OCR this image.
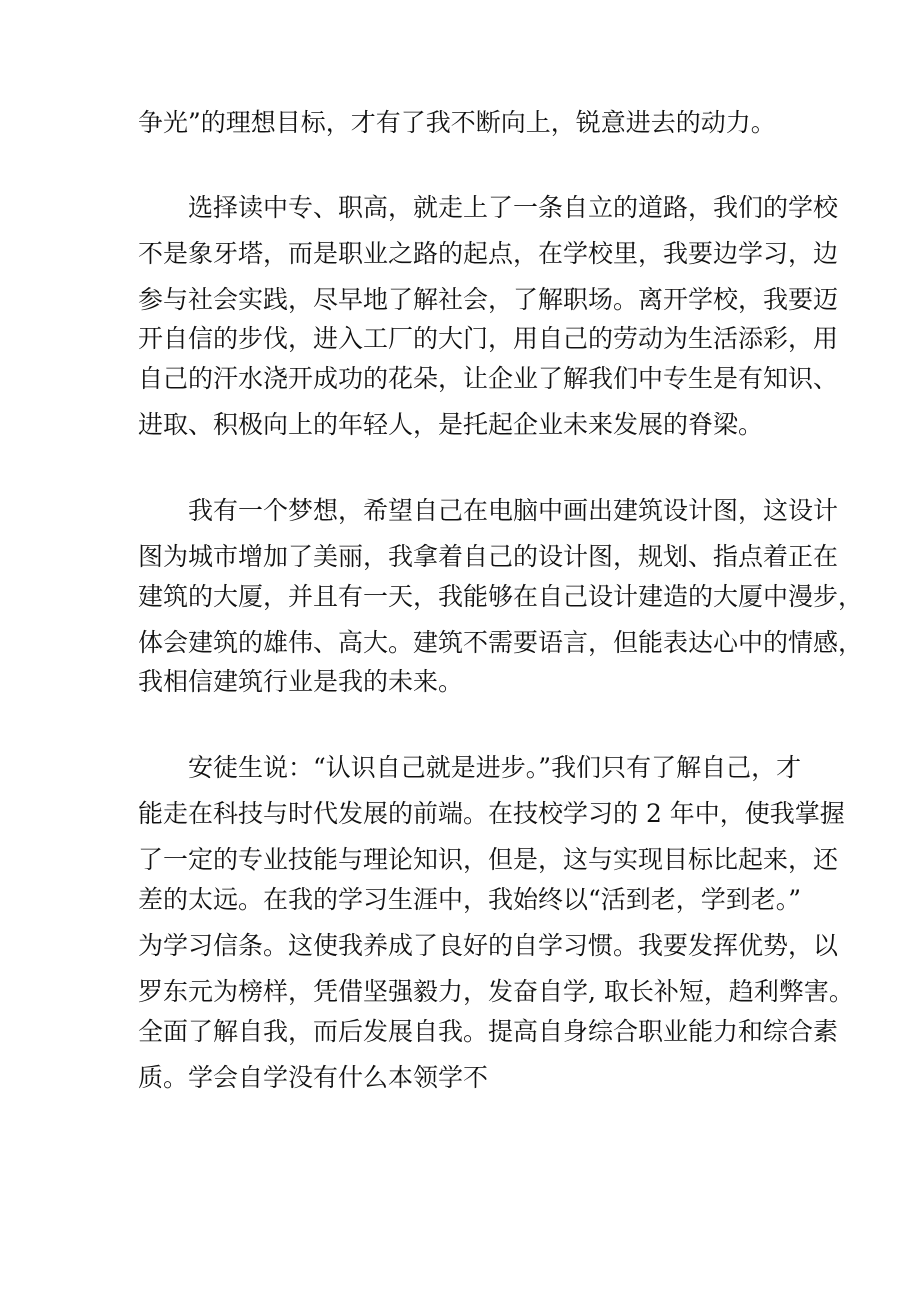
争光”的理想目标，才有了我不断向上，锐意进去的动力。

选择读中专、职高，就走上了一条自立的道路，我们的学校

不是象牙塔，而是职业之路的起点，在学校里，我要边学习，边

参与社会实践，尽早地了解社会，了解职场。离开学校，我要迈

开自信的步伐，进入工厂的大门，用自己的劳动为生活添彩，用

自己的汗水浇开成功的花朵，让企业了解我们中专生是有知识、

进取、积极向上的年轻人，是托起企业未来发展的脊梁。

我有一个梦想，希望自己在电脑中画出建筑设计图，这设计

图为城市增加了美丽，我拿着自己的设计图，规划、指点着正在

建筑的大厦，并且有一天，我能够在自己设计建造的大厦中漫步，

体会建筑的雄伟、高大。建筑不需要语言，但能表达心中的情感，

我相信建筑行业是我的未来。

安徒生说：“认识自己就是进步。”我们只有了解自己，才

能走在科技与时代发展的前端。在技校学习的 2 年中，使我掌握

了一定的专业技能与理论知识，但是，这与实现目标比起来，还

差的太远。在我的学习生涯中，我始终以“活到老，学到老。”

为学习信条。这使我养成了良好的自学习惯。我要发挥优势，以

罗东元为榜样，凭借坚强毅力，发奋自学, 取长补短，趋利弊害。

全面了解自我，而后发展自我。提高自身综合职业能力和综合素

质。学会自学没有什么本领学不
